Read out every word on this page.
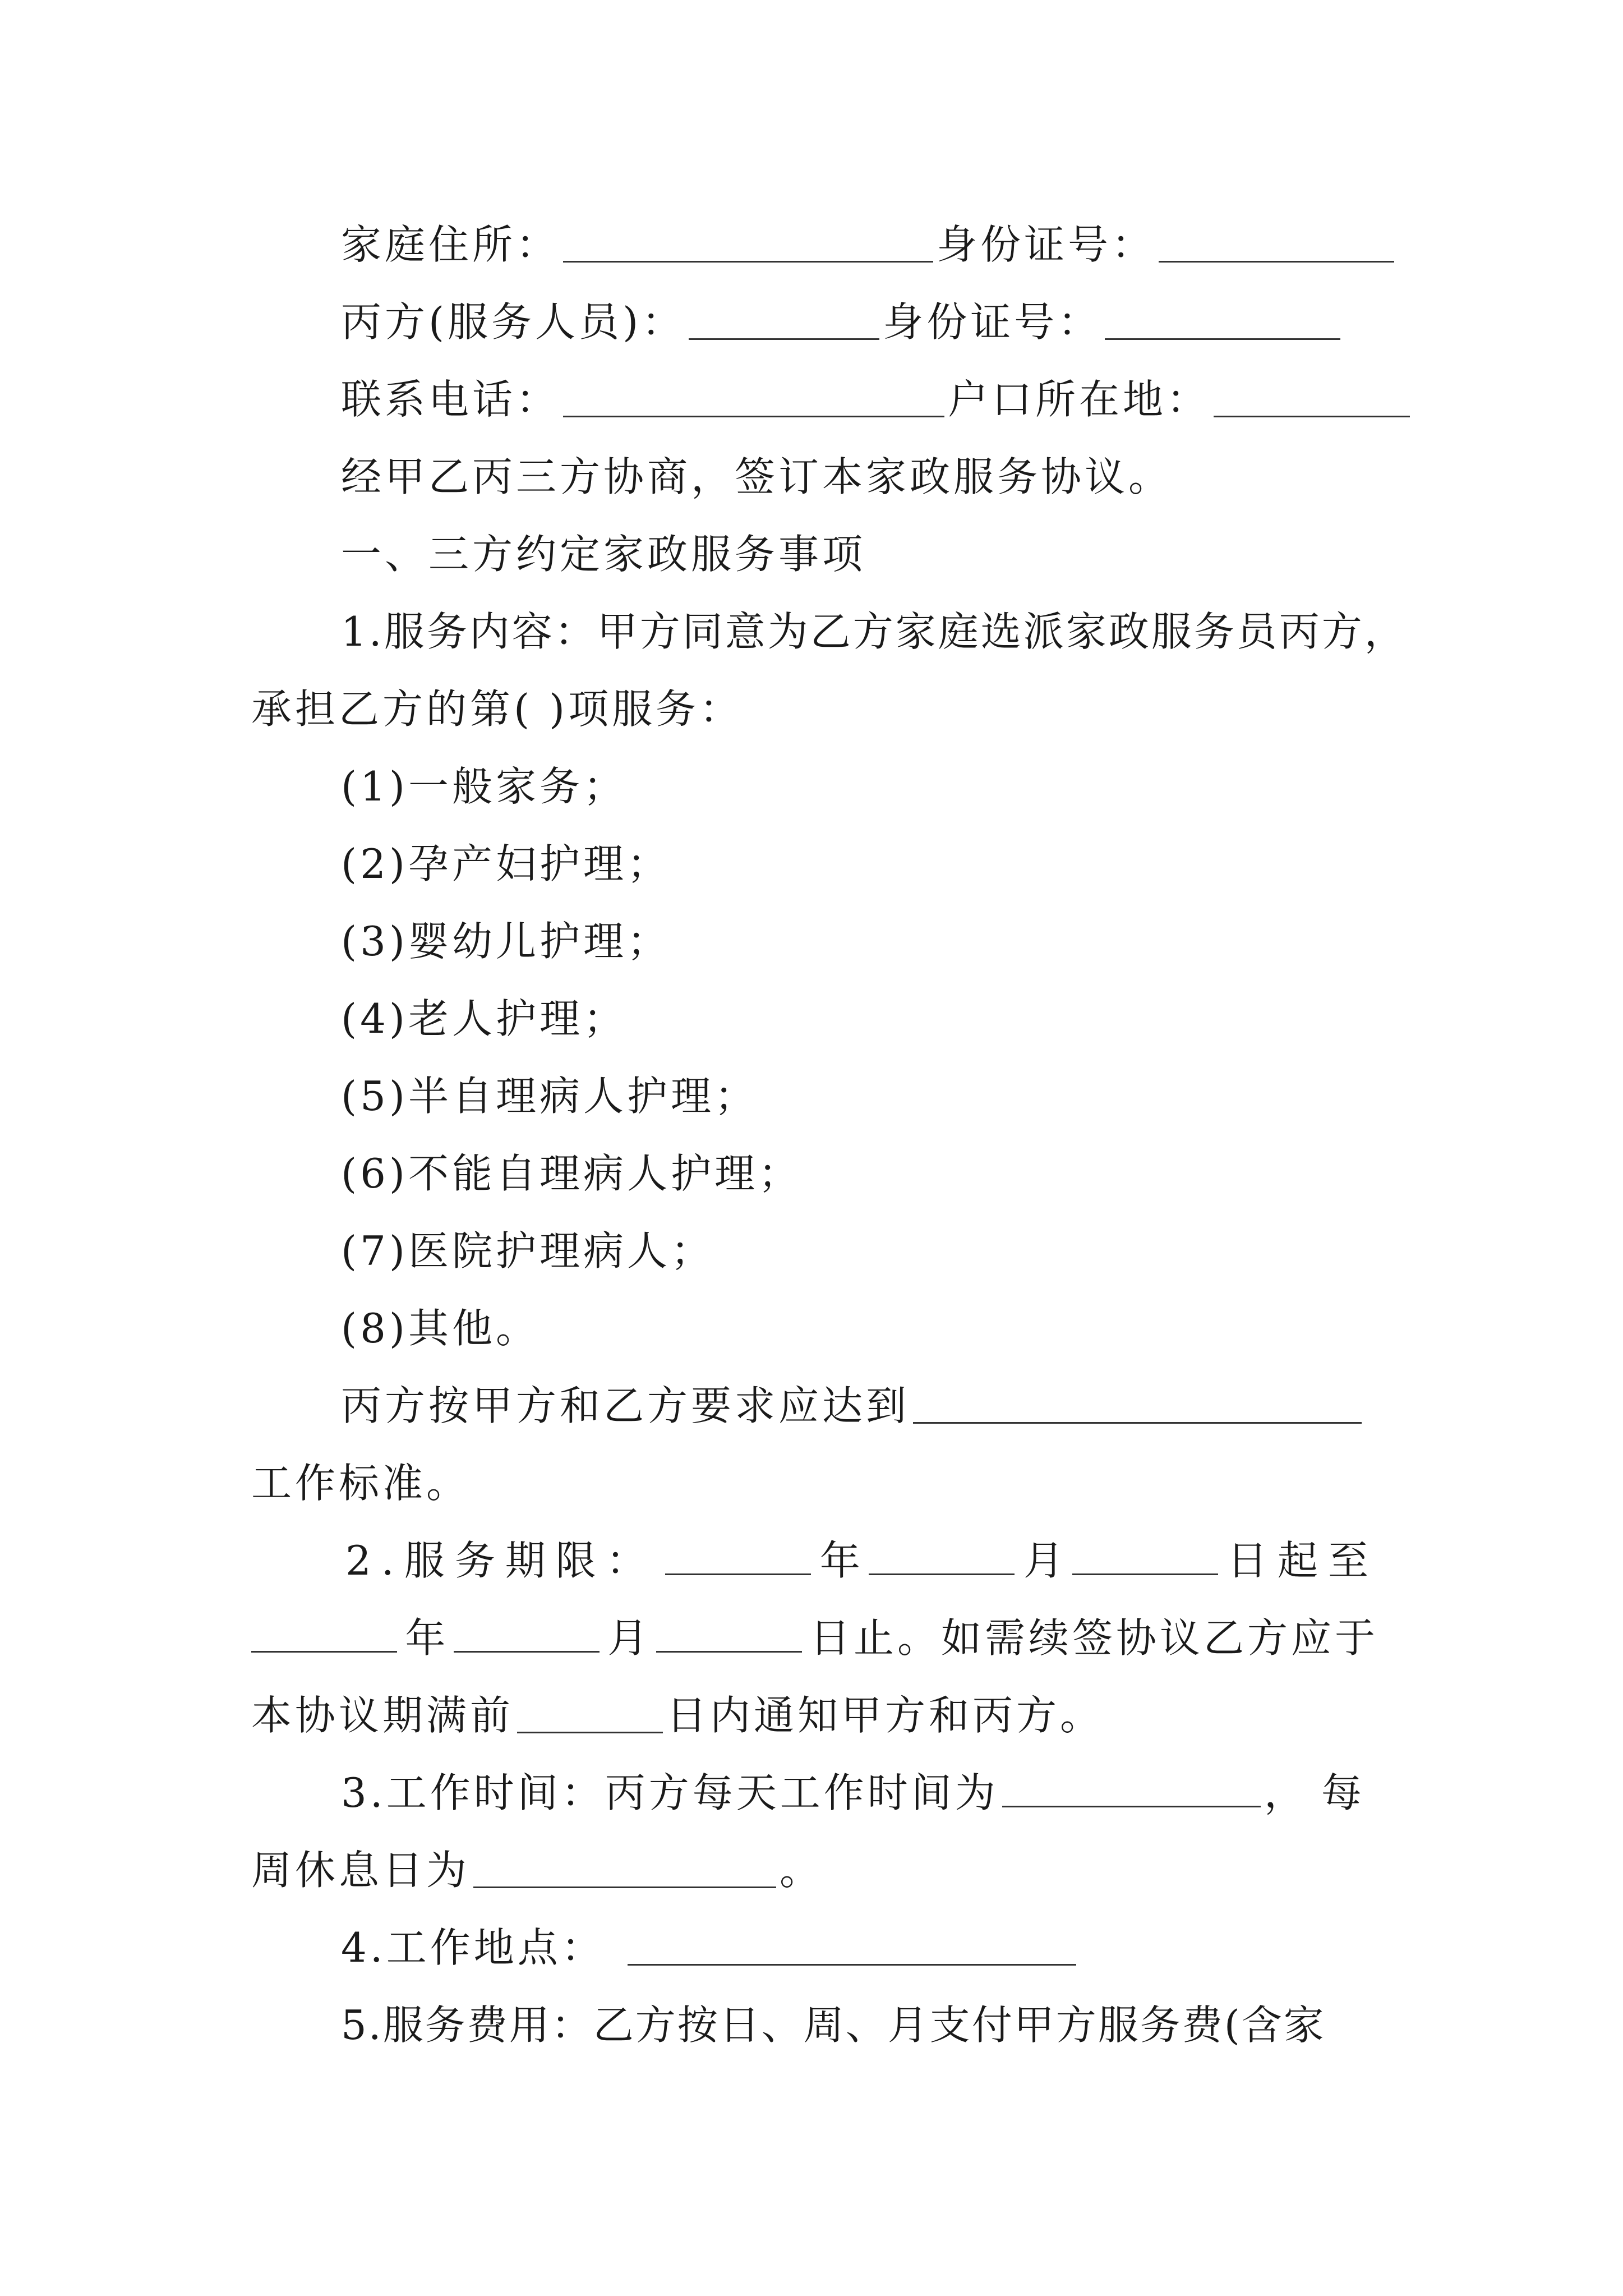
家庭住所：	身份证号：
丙方(服务人员)：	身份证号：
联系电话：	户口所在地：
经甲乙丙三方协商，签订本家政服务协议。
一、三方约定家政服务事项
1.服务内容：甲方同意为乙方家庭选派家政服务员丙方，
承担乙方的第( )项服务：
(1)一般家务；
(2)孕产妇护理；
(3)婴幼儿护理；
(4)老人护理；
(5)半自理病人护理；
(6)不能自理病人护理；
(7)医院护理病人；
(8)其他。
丙方按甲方和乙方要求应达到
工作标准。
2.服务期限：	年	月	日起至
年	月	日止。如需续签协议乙方应于
本协议期满前	日内通知甲方和丙方。
3.工作时间：丙方每天工作时间为	，每
周休息日为	。
4.工作地点：
5.服务费用：乙方按日、周、月支付甲方服务费(含家
